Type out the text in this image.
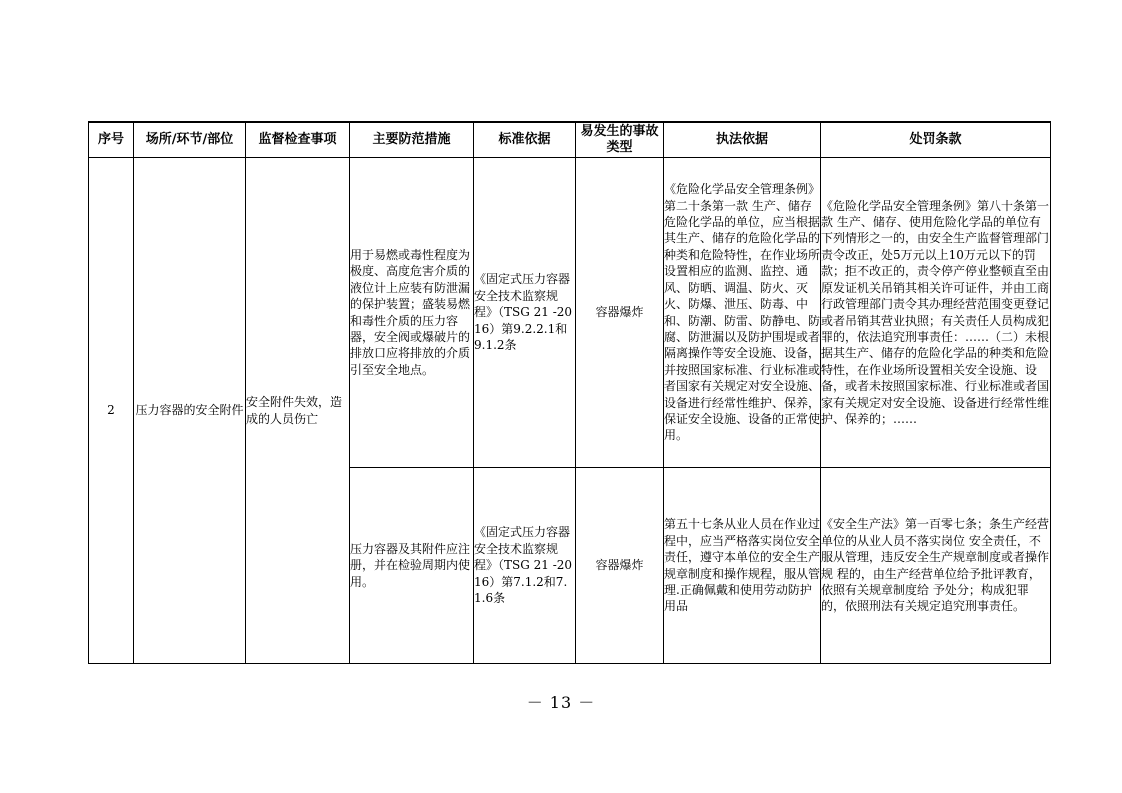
序号	场所/环节/部位	监督检查事项	主要防范措施	标准依据	易发生的事故类型	执法依据	处罚条款
2	压力容器的安全附件	安全附件失效，造成的人员伤亡	用于易燃或毒性程度为极度、高度危害介质的液位计上应装有防泄漏的保护装置；盛装易燃和毒性介质的压力容器，安全阀或爆破片的排放口应将排放的介质引至安全地点。	《固定式压力容器安全技术监察规程》（TSG 21 -2016）第9.2.2.1和9.1.2条	容器爆炸	《危险化学品安全管理条例》第二十条第一款 生产、储存危险化学品的单位，应当根据其生产、储存的危险化学品的种类和危险特性，在作业场所设置相应的监测、监控、通风、防晒、调温、防火、灭火、防爆、泄压、防毒、中和、防潮、防雷、防静电、防腐、防泄漏以及防护围堤或者隔离操作等安全设施、设备，并按照国家标准、行业标准或者国家有关规定对安全设施、设备进行经常性维护、保养，保证安全设施、设备的正常使用。	《危险化学品安全管理条例》第八十条第一款 生产、储存、使用危险化学品的单位有下列情形之一的，由安全生产监督管理部门责令改正，处5万元以上10万元以下的罚款；拒不改正的，责令停产停业整顿直至由原发证机关吊销其相关许可证件，并由工商行政管理部门责令其办理经营范围变更登记或者吊销其营业执照；有关责任人员构成犯罪的，依法追究刑事责任：……（二）未根据其生产、储存的危险化学品的种类和危险特性，在作业场所设置相关安全设施、设备，或者未按照国家标准、行业标准或者国家有关规定对安全设施、设备进行经常性维护、保养的；……
			压力容器及其附件应注册，并在检验周期内使用。	《固定式压力容器安全技术监察规程》（TSG 21 -2016）第7.1.2和7.1.6条	容器爆炸	第五十七条从业人员在作业过程中，应当严格落实岗位安全责任，遵守本单位的安全生产规章制度和操作规程，服从管理.正确佩戴和使用劳动防护用品	《安全生产法》第一百零七条；条生产经营单位的从业人员不落实岗位 安全责任，不服从管理，违反安全生产规章制度或者操作规 程的，由生产经营单位给予批评教育，依照有关规章制度给 予处分；构成犯罪的，依照刑法有关规定追究刑事责任。
－ 13 －
